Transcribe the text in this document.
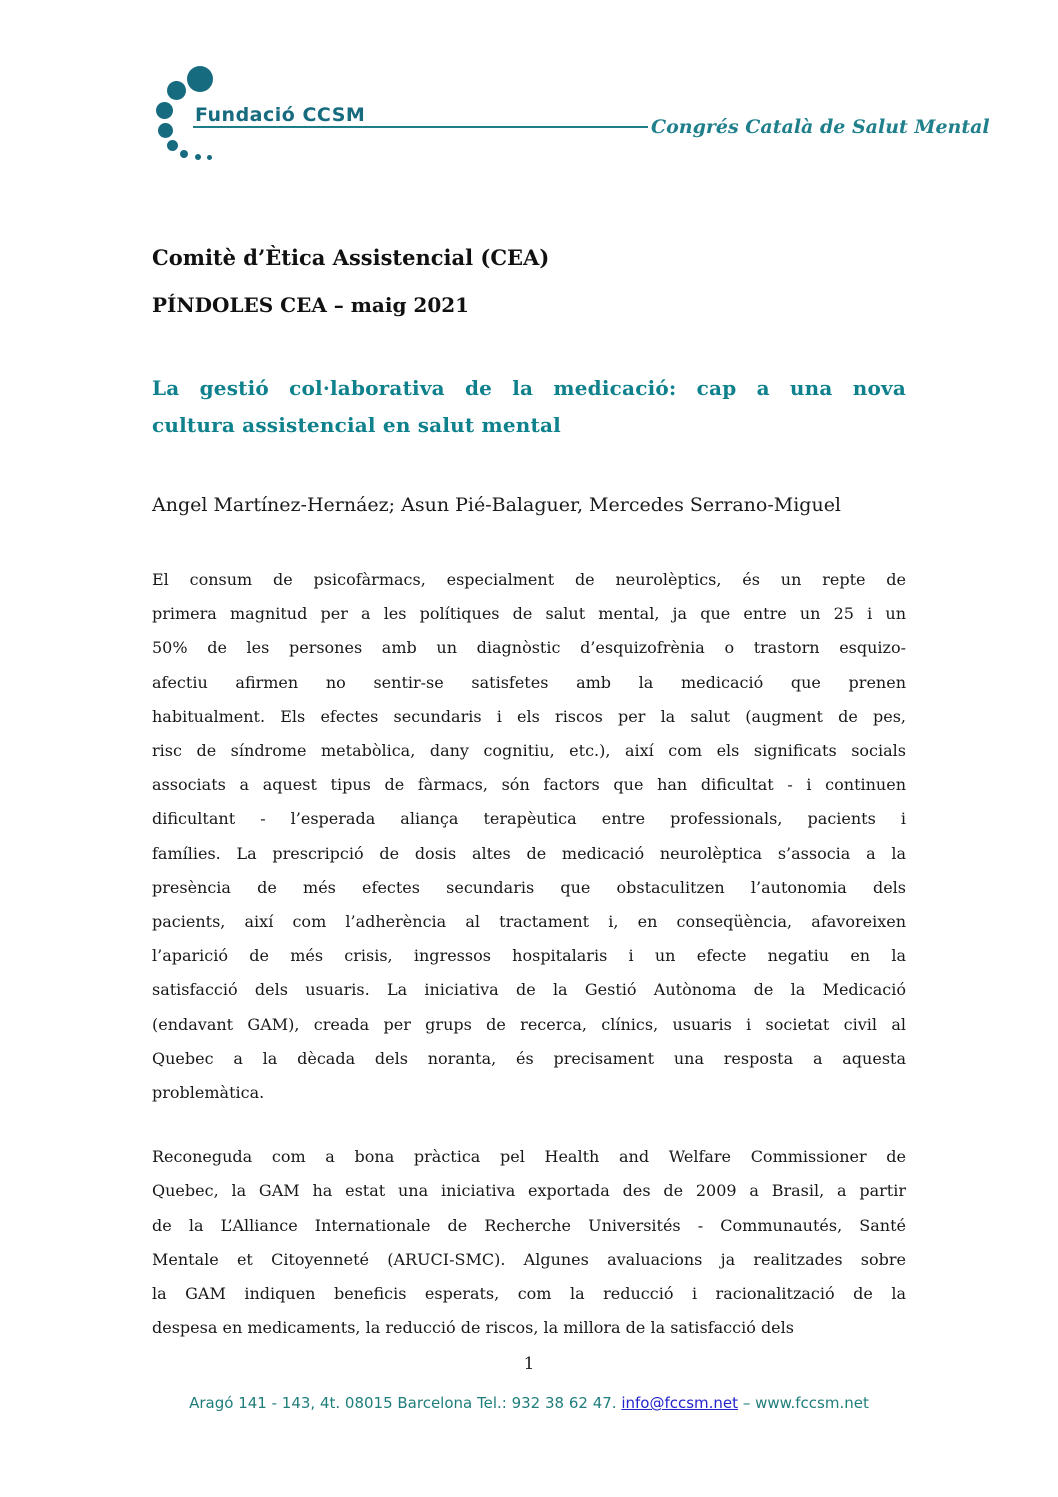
Fundació CCSM
Congrés Català de Salut Mental
Comitè d’Ètica Assistencial (CEA)
PÍNDOLES CEA – maig 2021
La gestió col·laborativa de la medicació: cap a una nova
cultura assistencial en salut mental
Angel Martínez-Hernáez; Asun Pié-Balaguer, Mercedes Serrano-Miguel
El consum de psicofàrmacs, especialment de neurolèptics, és un repte de
primera magnitud per a les polítiques de salut mental, ja que entre un 25 i un
50% de les persones amb un diagnòstic d’esquizofrènia o trastorn esquizo-
afectiu afirmen no sentir-se satisfetes amb la medicació que prenen
habitualment. Els efectes secundaris i els riscos per la salut (augment de pes,
risc de síndrome metabòlica, dany cognitiu, etc.), així com els significats socials
associats a aquest tipus de fàrmacs, són factors que han dificultat - i continuen
dificultant - l’esperada aliança terapèutica entre professionals, pacients i
famílies. La prescripció de dosis altes de medicació neurolèptica s’associa a la
presència de més efectes secundaris que obstaculitzen l’autonomia dels
pacients, així com l’adherència al tractament i, en conseqüència, afavoreixen
l’aparició de més crisis, ingressos hospitalaris i un efecte negatiu en la
satisfacció dels usuaris. La iniciativa de la Gestió Autònoma de la Medicació
(endavant GAM), creada per grups de recerca, clínics, usuaris i societat civil al
Quebec a la dècada dels noranta, és precisament una resposta a aquesta
problemàtica.
Reconeguda com a bona pràctica pel Health and Welfare Commissioner de
Quebec, la GAM ha estat una iniciativa exportada des de 2009 a Brasil, a partir
de la L’Alliance Internationale de Recherche Universités - Communautés, Santé
Mentale et Citoyenneté (ARUCI-SMC). Algunes avaluacions ja realitzades sobre
la GAM indiquen beneficis esperats, com la reducció i racionalització de la
despesa en medicaments, la reducció de riscos, la millora de la satisfacció dels
1
Aragó 141 - 143, 4t. 08015 Barcelona Tel.: 932 38 62 47. info@fccsm.net – www.fccsm.net
